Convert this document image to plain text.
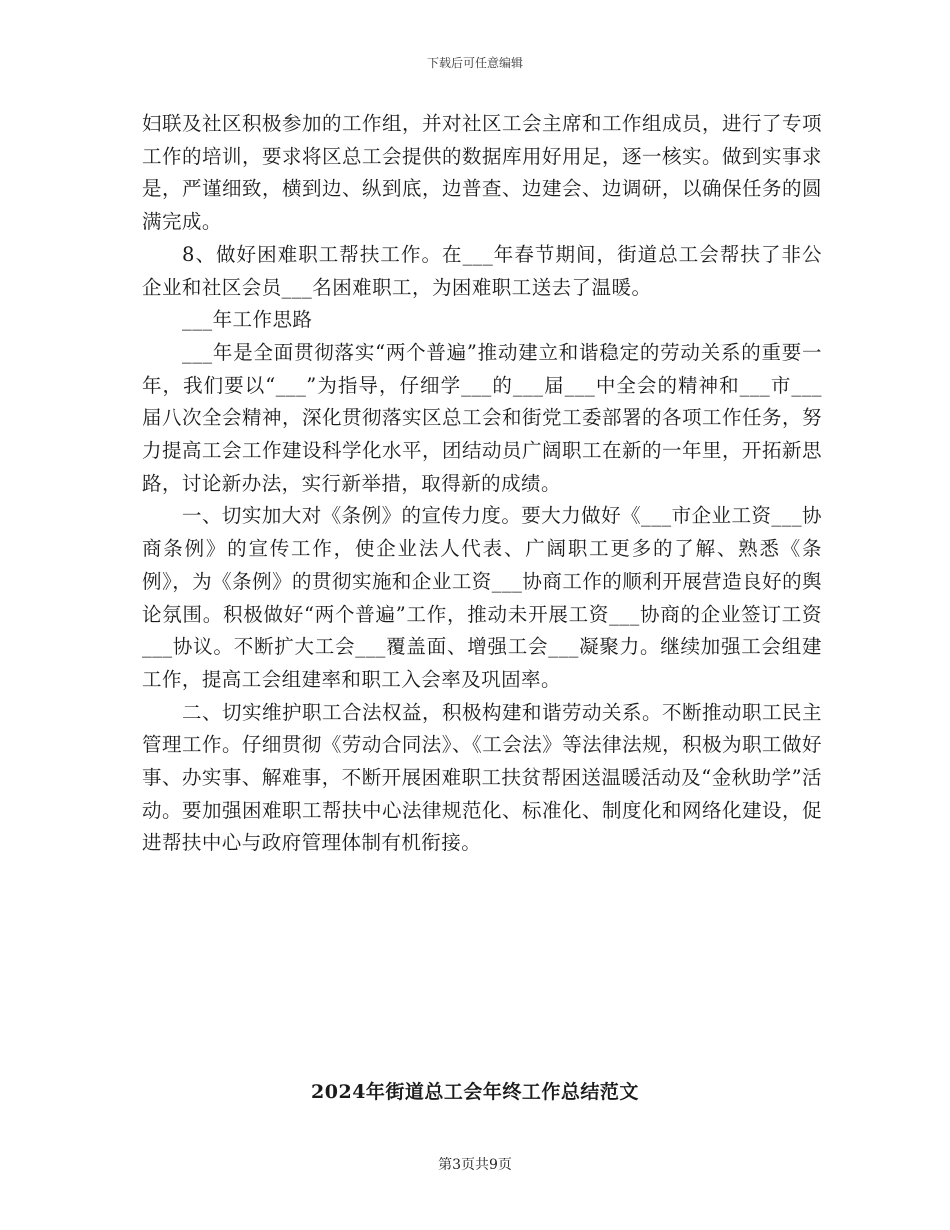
下载后可任意编辑

妇联及社区积极参加的工作组，并对社区工会主席和工作组成员，进行了专项工作的培训，要求将区总工会提供的数据库用好用足，逐一核实。做到实事求是，严谨细致，横到边、纵到底，边普查、边建会、边调研，以确保任务的圆满完成。

8、做好困难职工帮扶工作。在___年春节期间，街道总工会帮扶了非公企业和社区会员___名困难职工，为困难职工送去了温暖。

___年工作思路

___年是全面贯彻落实“两个普遍”推动建立和谐稳定的劳动关系的重要一年，我们要以“___”为指导，仔细学___的___届___中全会的精神和___市___届八次全会精神，深化贯彻落实区总工会和街党工委部署的各项工作任务，努力提高工会工作建设科学化水平，团结动员广阔职工在新的一年里，开拓新思路，讨论新办法，实行新举措，取得新的成绩。

一、切实加大对《条例》的宣传力度。要大力做好《___市企业工资___协商条例》的宣传工作，使企业法人代表、广阔职工更多的了解、熟悉《条例》，为《条例》的贯彻实施和企业工资___协商工作的顺利开展营造良好的舆论氛围。积极做好“两个普遍”工作，推动未开展工资___协商的企业签订工资___协议。不断扩大工会___覆盖面、增强工会___凝聚力。继续加强工会组建工作，提高工会组建率和职工入会率及巩固率。

二、切实维护职工合法权益，积极构建和谐劳动关系。不断推动职工民主管理工作。仔细贯彻《劳动合同法》、《工会法》等法律法规，积极为职工做好事、办实事、解难事，不断开展困难职工扶贫帮困送温暖活动及“金秋助学”活动。要加强困难职工帮扶中心法律规范化、标准化、制度化和网络化建设，促进帮扶中心与政府管理体制有机衔接。

2024年街道总工会年终工作总结范文
第3页共9页
